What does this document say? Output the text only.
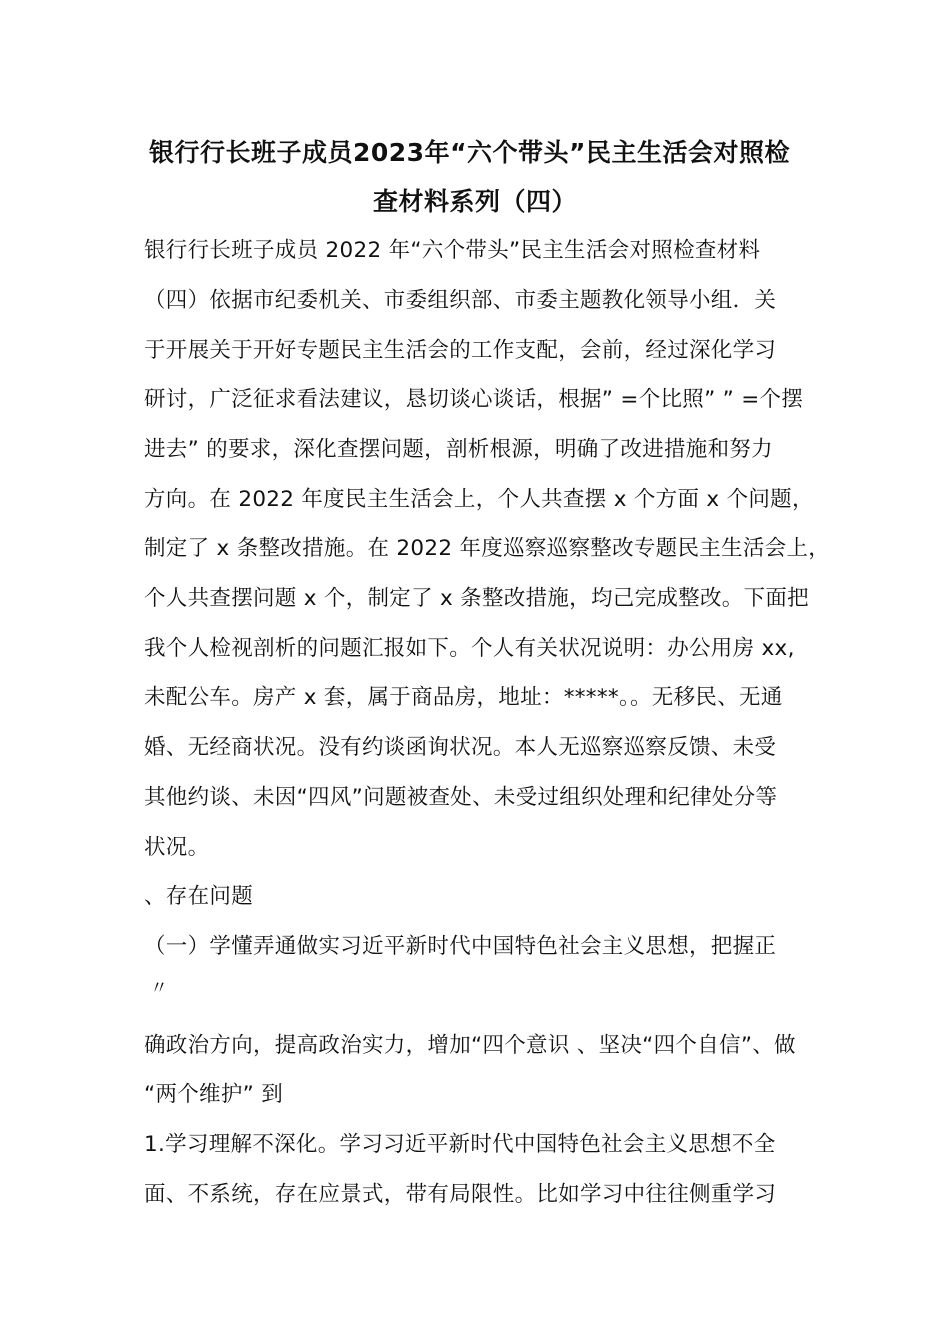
银行行长班子成员2023年“六个带头”民主生活会对照检
查材料系列（四）
银行行长班子成员 2022 年“六个带头”民主生活会对照检查材料
（四）依据市纪委机关、市委组织部、市委主题教化领导小组．关
于开展关于开好专题民主生活会的工作支配，会前，经过深化学习
研讨，广泛征求看法建议，恳切谈心谈话，根据” =个比照” ” =个摆
进去” 的要求，深化查摆问题，剖析根源，明确了改进措施和努力
方向。在 2022 年度民主生活会上，个人共查摆 x 个方面 x 个问题，
制定了 x 条整改措施。在 2022 年度巡察巡察整改专题民主生活会上，
个人共查摆问题 x 个，制定了 x 条整改措施，均己完成整改。下面把
我个人检视剖析的问题汇报如下。个人有关状况说明：办公用房 xx,
未配公车。房产 x 套，属于商品房，地址：*****。。无移民、无通
婚、无经商状况。没有约谈函询状况。本人无巡察巡察反馈、未受
其他约谈、未因“四风”问题被查处、未受过组织处理和纪律处分等
状况。
、存在问题
（一）学懂弄通做实习近平新时代中国特色社会主义思想，把握正
〃
确政治方向，提高政治实力，增加“四个意识 、坚决“四个自信”、做
“两个维护” 到
1.学习理解不深化。学习习近平新时代中国特色社会主义思想不全
面、不系统，存在应景式，带有局限性。比如学习中往往侧重学习
